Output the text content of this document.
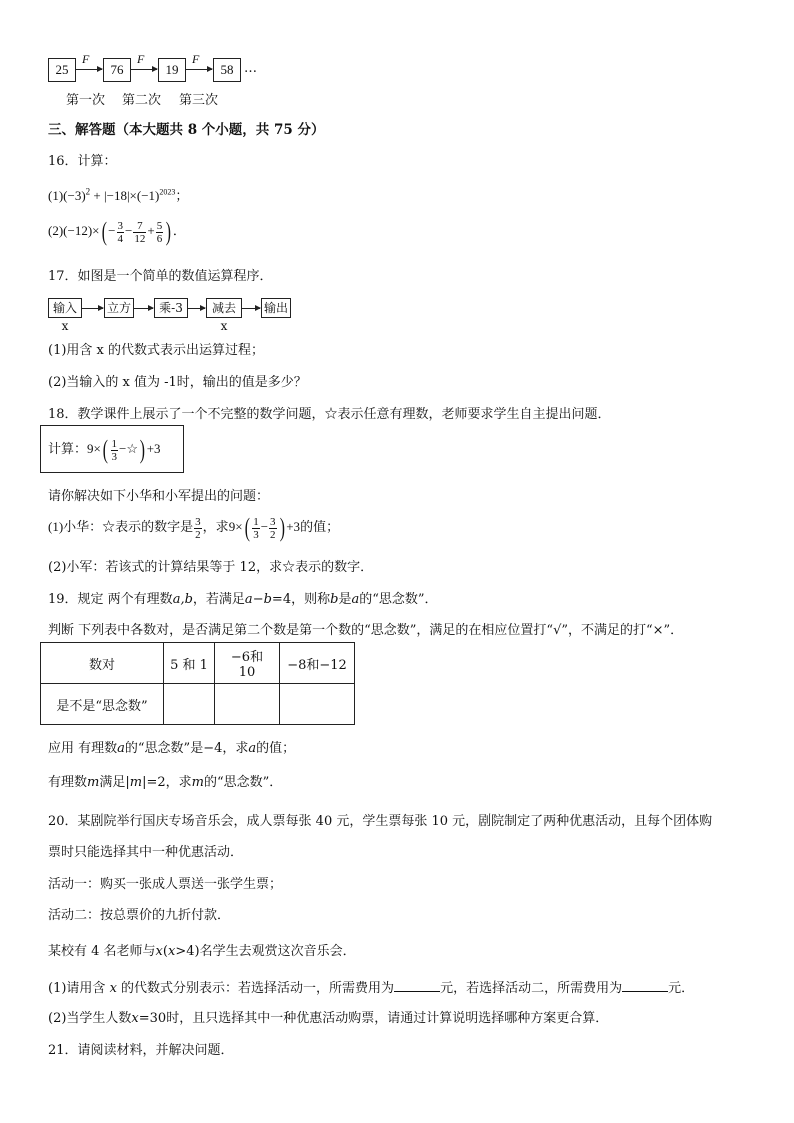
25
F
76
F
19
F
58 …
第一次 第二次 第三次
三、解答题（本大题共 8 个小题，共 75 分）
16．计算：
$(1)(-3)^2 + |-18|\times(-1)^{2023}$；
$(2)(-12)\times( - \frac{3}{4} - \frac{7}{12} + \frac{5}{6}$ ) ．
17．如图是一个简单的数值运算程序．
输入x
立方	乘-3	减去x
输出
(1)用含 x 的代数式表示出运算过程；
(2)当输入的 x 值为 -1时，输出的值是多少？
18．教学课件上展示了一个不完整的数学问题，☆表示任意有理数，老师要求学生自主提出问题．
计算：$9\times( \frac{1}{3}$ −☆) +3
请你解决如下小华和小军提出的问题：
(1)小华：☆表示的数字是 $\frac{3}{2}$ ，求$9\times( \frac{1}{3} - \frac{3}{2}$ ) +3的值；
(2)小军：若该式的计算结果等于 12，求☆表示的数字．
19．规定 两个有理数a,b，若满足a−b=4，则称b是a的“思念数”．
判断 下列表中各数对，是否满足第二个数是第一个数的“思念数”，满足的在相应位置打“√”，不满足的打“×”．
数对	5 和 1	−6和 10	−8和−12
是不是“思念数”			
应用 有理数a的“思念数”是−4，求a的值；
有理数m满足|m|=2，求m的“思念数”．
20．某剧院举行国庆专场音乐会，成人票每张 40 元，学生票每张 10 元，剧院制定了两种优惠活动，且每个团体购
票时只能选择其中一种优惠活动．
活动一：购买一张成人票送一张学生票；
活动二：按总票价的九折付款．
某校有 4 名老师与x(x>4)名学生去观赏这次音乐会．
(1)请用含 x 的代数式分别表示：若选择活动一，所需费用为	元，若选择活动二，所需费用为	元．
(2)当学生人数x=30时，且只选择其中一种优惠活动购票，请通过计算说明选择哪种方案更合算．
21．请阅读材料，并解决问题．
